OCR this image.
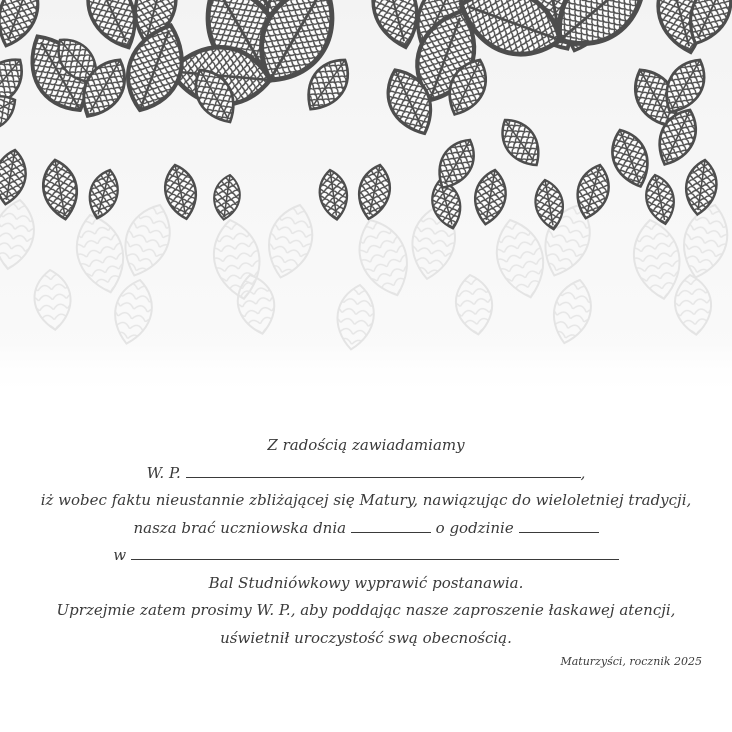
Z radością zawiadamiamy
W. P.	,
iż wobec faktu nieustannie zbliżającej się Matury, nawiązując do wieloletniej tradycji,
nasza brać uczniowska dnia	o godzinie
w
Bal Studniówkowy wyprawić postanawia.
Uprzejmie zatem prosimy W. P., aby poddając nasze zaproszenie łaskawej atencji,
uświetnił uroczystość swą obecnością.
Maturzyści, rocznik 2025
